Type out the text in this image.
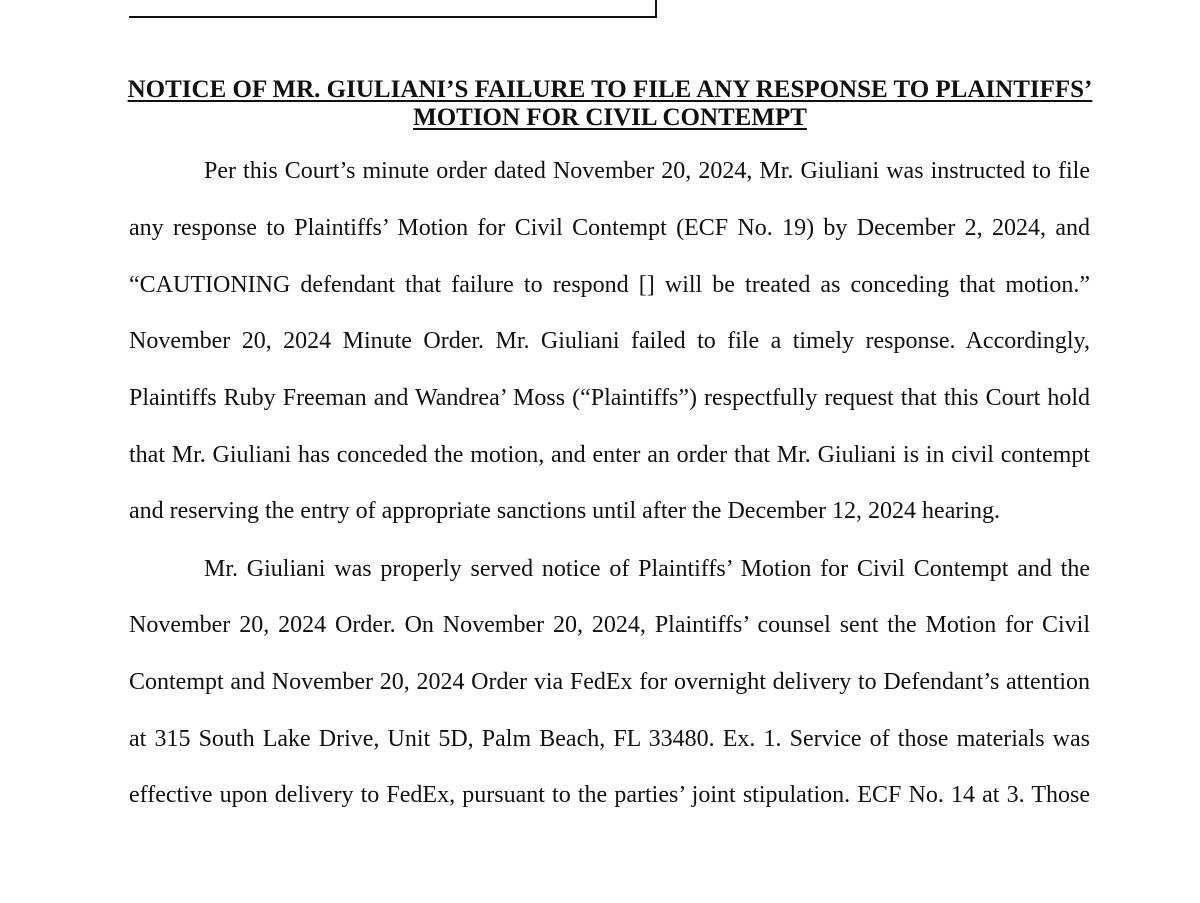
NOTICE OF MR. GIULIANI’S FAILURE TO FILE ANY RESPONSE TO PLAINTIFFS’
MOTION FOR CIVIL CONTEMPT
Per this Court’s minute order dated November 20, 2024, Mr. Giuliani was instructed to file
any response to Plaintiffs’ Motion for Civil Contempt (ECF No. 19) by December 2, 2024, and
“CAUTIONING defendant that failure to respond [] will be treated as conceding that motion.”
November 20, 2024 Minute Order. Mr. Giuliani failed to file a timely response. Accordingly,
Plaintiffs Ruby Freeman and Wandrea’ Moss (“Plaintiffs”) respectfully request that this Court hold
that Mr. Giuliani has conceded the motion, and enter an order that Mr. Giuliani is in civil contempt
and reserving the entry of appropriate sanctions until after the December 12, 2024 hearing.
Mr. Giuliani was properly served notice of Plaintiffs’ Motion for Civil Contempt and the
November 20, 2024 Order. On November 20, 2024, Plaintiffs’ counsel sent the Motion for Civil
Contempt and November 20, 2024 Order via FedEx for overnight delivery to Defendant’s attention
at 315 South Lake Drive, Unit 5D, Palm Beach, FL 33480. Ex. 1. Service of those materials was
effective upon delivery to FedEx, pursuant to the parties’ joint stipulation. ECF No. 14 at 3. Those
